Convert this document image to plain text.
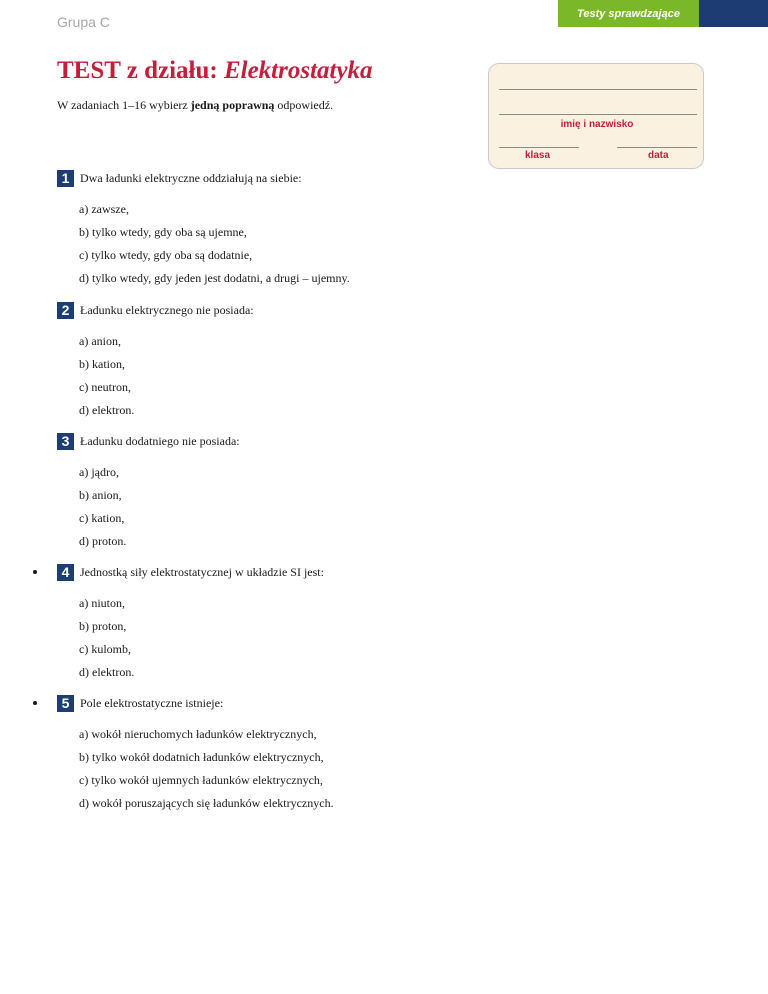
Grupa C
Testy sprawdzające
TEST z działu: Elektrostatyka
W zadaniach 1–16 wybierz jedną poprawną odpowiedź.
imię i nazwisko
klasa	data
1 Dwa ładunki elektryczne oddziałują na siebie:
a) zawsze,
b) tylko wtedy, gdy oba są ujemne,
c) tylko wtedy, gdy oba są dodatnie,
d) tylko wtedy, gdy jeden jest dodatni, a drugi – ujemny.
2 Ładunku elektrycznego nie posiada:
a) anion,
b) kation,
c) neutron,
d) elektron.
3 Ładunku dodatniego nie posiada:
a) jądro,
b) anion,
c) kation,
d) proton.
4 Jednostką siły elektrostatycznej w układzie SI jest:
a) niuton,
b) proton,
c) kulomb,
d) elektron.
5 Pole elektrostatyczne istnieje:
a) wokół nieruchomych ładunków elektrycznych,
b) tylko wokół dodatnich ładunków elektrycznych,
c) tylko wokół ujemnych ładunków elektrycznych,
d) wokół poruszających się ładunków elektrycznych.
